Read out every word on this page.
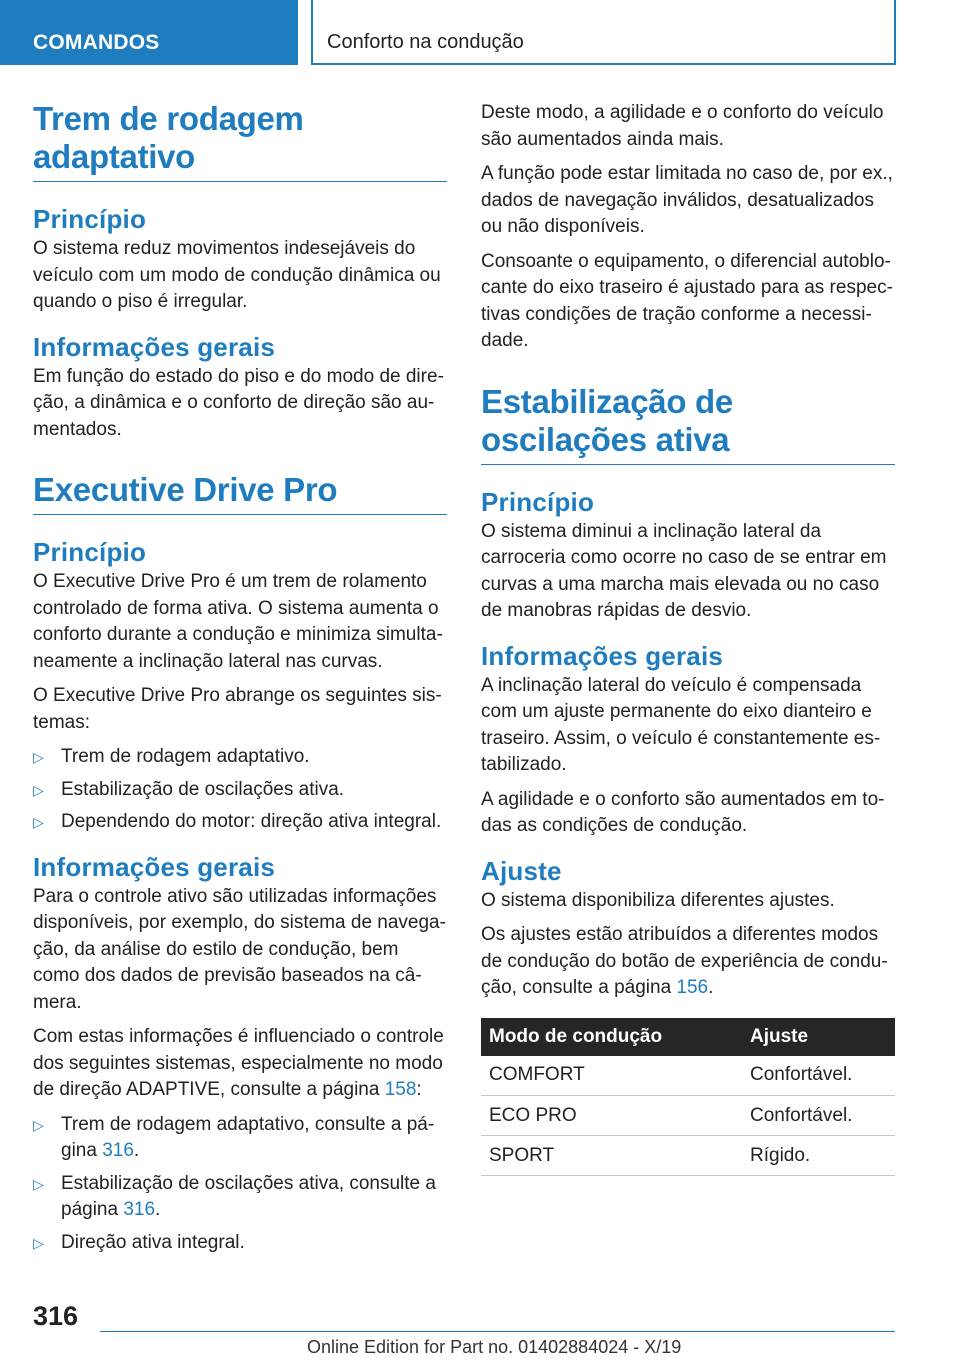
COMANDOS	Conforto na condução
Trem de rodagem adaptativo
Princípio

O sistema reduz movimentos indesejáveis do veículo com um modo de condução dinâmica ou quando o piso é irregular.

Informações gerais

Em função do estado do piso e do modo de direção, a dinâmica e o conforto de direção são aumentados.

Executive Drive Pro
Princípio

O Executive Drive Pro é um trem de rolamento controlado de forma ativa. O sistema aumenta o conforto durante a condução e minimiza simultaneamente a inclinação lateral nas curvas.

O Executive Drive Pro abrange os seguintes sistemas:

▷ Trem de rodagem adaptativo.
▷ Estabilização de oscilações ativa.
▷ Dependendo do motor: direção ativa integral.
Informações gerais

Para o controle ativo são utilizadas informações disponíveis, por exemplo, do sistema de navegação, da análise do estilo de condução, bem como dos dados de previsão baseados na câmera.

Com estas informações é influenciado o controle dos seguintes sistemas, especialmente no modo de direção ADAPTIVE, consulte a página 158:

▷ Trem de rodagem adaptativo, consulte a página 316.
▷ Estabilização de oscilações ativa, consulte a página 316.
▷ Direção ativa integral.

Deste modo, a agilidade e o conforto do veículo são aumentados ainda mais.

A função pode estar limitada no caso de, por ex., dados de navegação inválidos, desatualizados ou não disponíveis.

Consoante o equipamento, o diferencial autoblocante do eixo traseiro é ajustado para as respectivas condições de tração conforme a necessidade.

Estabilização de oscilações ativa
Princípio

O sistema diminui a inclinação lateral da carroceria como ocorre no caso de se entrar em curvas a uma marcha mais elevada ou no caso de manobras rápidas de desvio.

Informações gerais

A inclinação lateral do veículo é compensada com um ajuste permanente do eixo dianteiro e traseiro. Assim, o veículo é constantemente estabilizado.

A agilidade e o conforto são aumentados em todas as condições de condução.

Ajuste

O sistema disponibiliza diferentes ajustes.

Os ajustes estão atribuídos a diferentes modos de condução do botão de experiência de condução, consulte a página 156.

Modo de condução	Ajuste
COMFORT	Confortável.
ECO PRO	Confortável.
SPORT	Rígido.
316
Online Edition for Part no. 01402884024 - X/19
